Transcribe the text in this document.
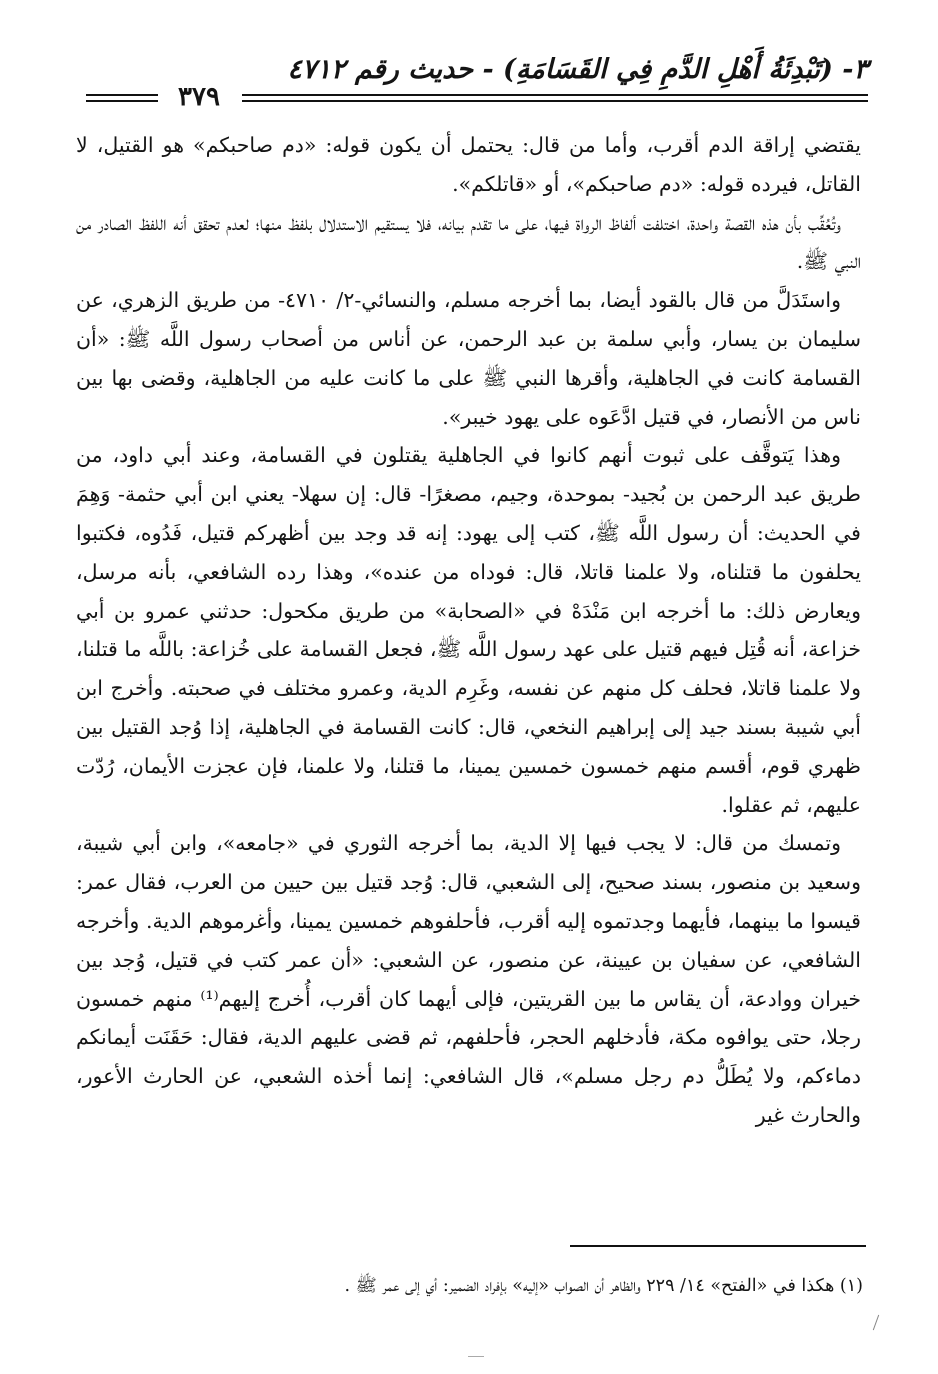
٣- (تَبْدِئَةُ أَهْلِ الدَّمِ فِي القَسَامَةِ) - حديث رقم ٤٧١٢
٣٧٩

يقتضي إراقة الدم أقرب، وأما من قال: يحتمل أن يكون قوله: «دم صاحبكم» هو القتيل، لا القاتل، فيرده قوله: «دم صاحبكم»، أو «قاتلكم».

وتُعُقِّب بأن هذه القصة واحدة، اختلفت ألفاظ الرواة فيها، على ما تقدم بيانه، فلا يستقيم الاستدلال بلفظ منها؛ لعدم تحقق أنه اللفظ الصادر من النبي ﷺ.

واستَدَلَّ من قال بالقود أيضا، بما أخرجه مسلم، والنسائي-٢/ ٤٧١٠- من طريق الزهري، عن سليمان بن يسار، وأبي سلمة بن عبد الرحمن، عن أناس من أصحاب رسول اللَّه ﷺ: «أن القسامة كانت في الجاهلية، وأقرها النبي ﷺ على ما كانت عليه من الجاهلية، وقضى بها بين ناس من الأنصار، في قتيل ادَّعَوه على يهود خيبر».

وهذا يَتوقَّف على ثبوت أنهم كانوا في الجاهلية يقتلون في القسامة، وعند أبي داود، من طريق عبد الرحمن بن بُجيد- بموحدة، وجيم، مصغرًا- قال: إن سهلا- يعني ابن أبي حثمة- وَهِمَ في الحديث: أن رسول اللَّه ﷺ، كتب إلى يهود: إنه قد وجد بين أظهركم قتيل، فَدُوه، فكتبوا يحلفون ما قتلناه، ولا علمنا قاتلا، قال: فوداه من عنده»، وهذا رده الشافعي، بأنه مرسل، ويعارض ذلك: ما أخرجه ابن مَنْدَهْ في «الصحابة» من طريق مكحول: حدثني عمرو بن أبي خزاعة، أنه قُتِل فيهم قتيل على عهد رسول اللَّه ﷺ، فجعل القسامة على خُزاعة: باللَّه ما قتلنا، ولا علمنا قاتلا، فحلف كل منهم عن نفسه، وغَرِم الدية، وعمرو مختلف في صحبته. وأخرج ابن أبي شيبة بسند جيد إلى إبراهيم النخعي، قال: كانت القسامة في الجاهلية، إذا وُجد القتيل بين ظهري قوم، أقسم منهم خمسون خمسين يمينا، ما قتلنا، ولا علمنا، فإن عجزت الأيمان، رُدّت عليهم، ثم عقلوا.

وتمسك من قال: لا يجب فيها إلا الدية، بما أخرجه الثوري في «جامعه»، وابن أبي شيبة، وسعيد بن منصور، بسند صحيح، إلى الشعبي، قال: وُجد قتيل بين حيين من العرب، فقال عمر: قيسوا ما بينهما، فأيهما وجدتموه إليه أقرب، فأحلفوهم خمسين يمينا، وأغرموهم الدية. وأخرجه الشافعي، عن سفيان بن عيينة، عن منصور، عن الشعبي: «أن عمر كتب في قتيل، وُجد بين خيران ووادعة، أن يقاس ما بين القريتين، فإلى أيهما كان أقرب، أُخرج إليهم⁽¹⁾ منهم خمسون رجلا، حتى يوافوه مكة، فأدخلهم الحجر، فأحلفهم، ثم قضى عليهم الدية، فقال: حَقَنَت أيمانكم دماءكم، ولا يُطَلُّ دم رجل مسلم»، قال الشافعي: إنما أخذه الشعبي، عن الحارث الأعور، والحارث غير

(١) هكذا في «الفتح» ١٤/ ٢٢٩ والظاهر أن الصواب «إليه» بإفراد الضمير: أي إلى عمر ﷺ .
